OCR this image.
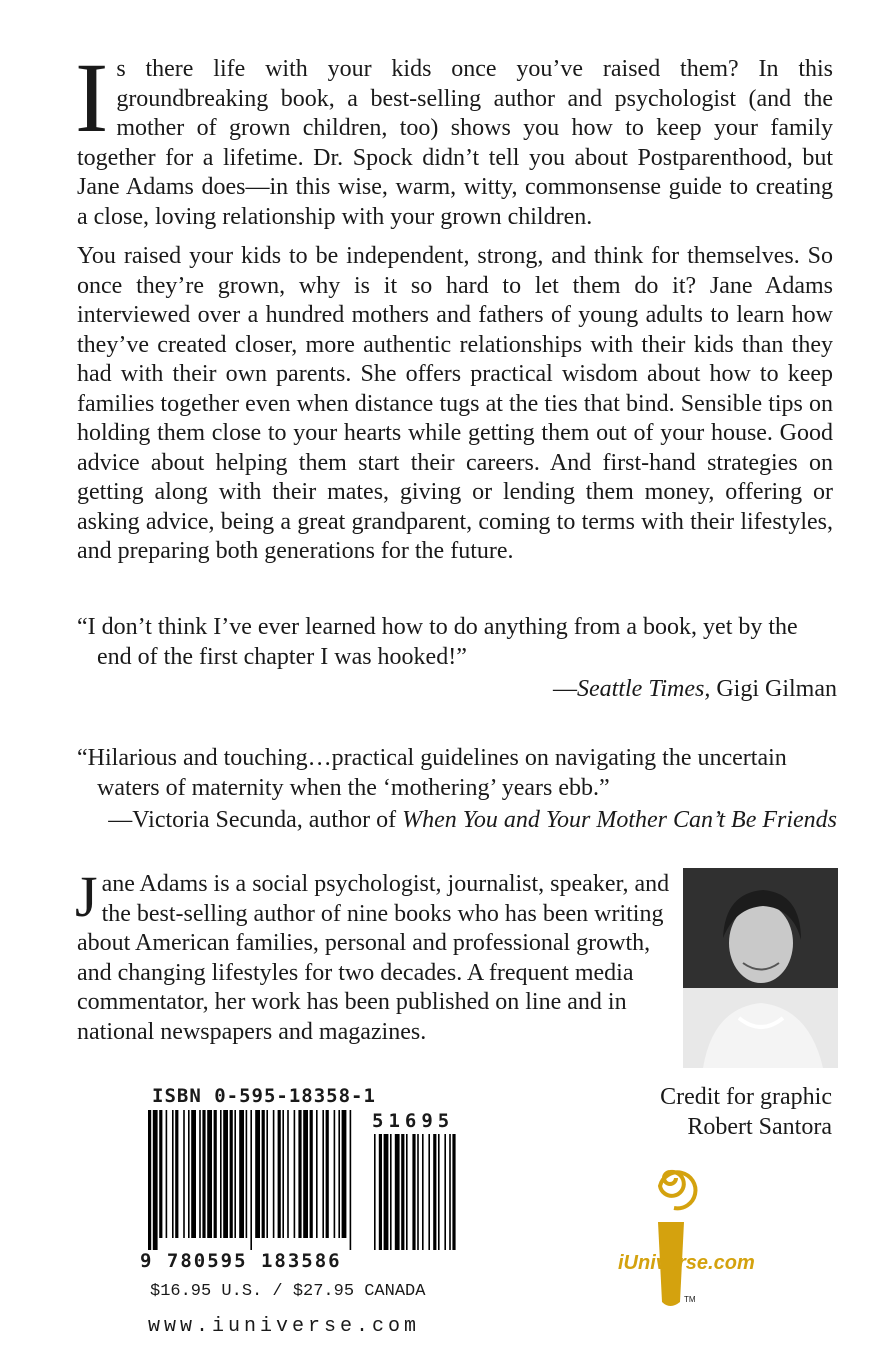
Is there life with your kids once you’ve raised them? In this groundbreaking book, a best-selling author and psychologist (and the mother of grown children, too) shows you how to keep your family together for a lifetime. Dr. Spock didn’t tell you about Postparenthood, but Jane Adams does—in this wise, warm, witty, commonsense guide to creating a close, loving relationship with your grown children.

You raised your kids to be independent, strong, and think for themselves. So once they’re grown, why is it so hard to let them do it? Jane Adams interviewed over a hundred mothers and fathers of young adults to learn how they’ve created closer, more authentic relationships with their kids than they had with their own parents. She offers practical wisdom about how to keep families together even when distance tugs at the ties that bind. Sensible tips on holding them close to your hearts while getting them out of your house. Good advice about helping them start their careers. And first-hand strategies on getting along with their mates, giving or lending them money, offering or asking advice, being a great grandparent, coming to terms with their lifestyles, and preparing both generations for the future.

“I don’t think I’ve ever learned how to do anything from a book, yet by the
end of the first chapter I was hooked!”

—Seattle Times, Gigi Gilman

“Hilarious and touching…practical guidelines on navigating the uncertain
waters of maternity when the ‘mothering’ years ebb.”

—Victoria Secunda, author of When You and Your Mother Can’t Be Friends

Jane Adams is a social psychologist, journalist, speaker, and the best-selling author of nine books who has been writing about American families, personal and professional growth, and changing lifestyles for two decades. A frequent media commentator, her work has been published on line and in national newspapers and magazines.

Credit for graphic
Robert Santora
ISBN 0-595-18358-1
51695
9 780595 183586
$16.95 U.S. / $27.95 CANADA
www.iuniverse.com
TM
iUniverse.com
